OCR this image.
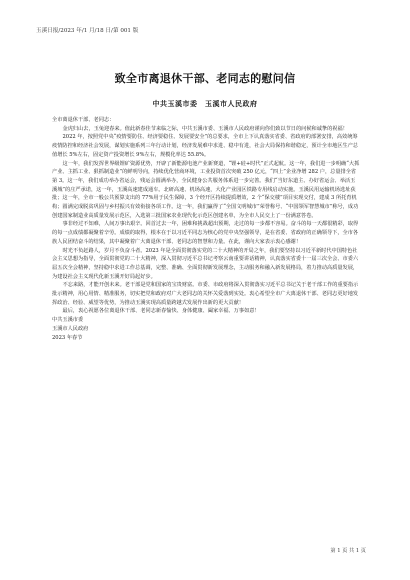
玉溪日报/2023 年/1 月/18 日/第 001 版
致全市离退休干部、老同志的慰问信
中共玉溪市委　玉溪市人民政府

全市离退休干部、老同志：

金虎归山去，玉兔迎春来。值此新春佳节来临之际，中共玉溪市委、玉溪市人民政府谨向你们致以节日的问候和诚挚的祝福！

2022 年，按照党中央“疫情要防住、经济要稳住、发展要安全”的总要求，全市上下认真落实省委、省政府的部署安排，高效统筹疫情防控和经济社会发展，谋划实施系列三年行动计划，经济发展难中求进、稳中有进，社会大局保持和谐稳定，预计全市地区生产总值增长 5%左右，固定资产投资增长 9%左右，规模化率达 55.8%。

这一年，我们发挥世界级锂矿资源优势，开辟了新能源电池产业新赛道，“锂+硅+时代”正式起航。这一年，我们进一步明确“大抓产业、主抓工业、狠抓制造业”的鲜明导向，持续优化营商环境，工业投资首次突破 250 亿元，“四上”企业净增 282 户，总量排全省第 3。这一年，我们成功举办省运会，残运会圆满举办，全民健身公共服务体系进一步完善。我们“当好东道主、办好省运会、举活玉溪城”的庄严承诺，这一年，玉溪高速建成通车。北研高速、机场高速，大化产业园区铁路专用线启动实施。玉溪民用运输机场选址获批；这一年，全市一般公共预算支出的 77%用于民生保障，3 个经开区持续提质增效，2 个“保交楼”项目实现交付，建成 3 所托育机构；圆满完成脱贫巩固与乡村振兴有效衔接各项工作。这一年，我们赢得了“全国文明城市”荣誉称号、“中国领军智慧城市”称号，成功创建国家制造业高质量发展示范区，入选第三批国家农业现代化示范区创建名单，为全市人民交上了一份满意答卷。

事非经过不知难，人间万事出艰辛。回首过去一年，困难和挑战超出预期，走过的每一步都不容易。奋斗的每一天都很精彩，取得的每一点成绩都凝聚着辛劳。成绩的取得，根本在于以习近平同志为核心的党中央坚强领导，是在省委、省政府的正确领导下，全市各族人民团结奋斗的结果，其中凝聚着广大离退休干部、老同志的智慧和力量。在此，谨向大家表示衷心感谢！

时光不负赶路人，岁月不负奋斗者。2023 年是全面贯彻落实党的二十大精神的开局之年，我们要坚持以习近平新时代中国特色社会主义思想为指导，全面贯彻党的二十大精神，深入贯彻习近平总书记考察云南重要讲话精神，认真落实省委十一届三次全会、市委六届五次全会精神，坚持稳中求进工作总基调，完整、准确、全面贯彻新发展理念，主动服务和融入新发展格局，着力推动高质量发展，为建设社会主义现代化新玉溪开好局起好步。

不忘来路，才能开创未来。老干部是党和国家的宝贵财富。市委、市政府将深入贯彻落实习近平总书记关于老干部工作的重要指示批示精神，用心用情、精准服务，切实把党和政府对广大老同志的关怀关爱落到实处。衷心希望全市广大离退休干部、老同志更好地发挥政治、经验、威望等优势，为推动玉溪实现高质量跨越式发展作出新的更大贡献！

最后，衷心祝愿各位离退休干部、老同志新春愉快、身体健康、阖家幸福、万事如意！

中共玉溪市委

玉溪市人民政府

2023 年春节

第 1 页 共 1 页
